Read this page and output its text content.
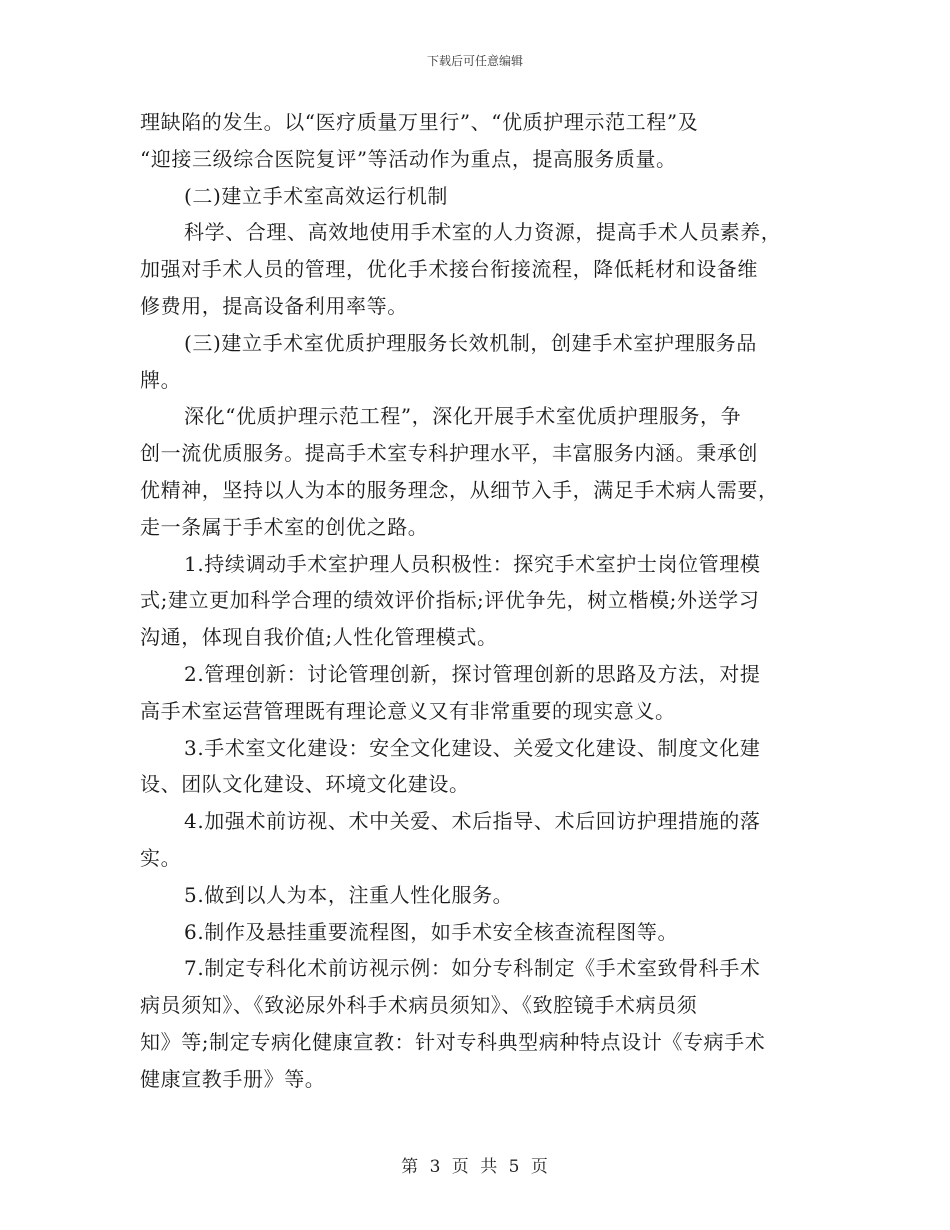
下载后可任意编辑
理缺陷的发生。以“医疗质量万里行”、“优质护理示范工程”及
“迎接三级综合医院复评”等活动作为重点，提高服务质量。
(二)建立手术室高效运行机制
科学、合理、高效地使用手术室的人力资源，提高手术人员素养，
加强对手术人员的管理，优化手术接台衔接流程，降低耗材和设备维
修费用，提高设备利用率等。
(三)建立手术室优质护理服务长效机制，创建手术室护理服务品
牌。
深化“优质护理示范工程”，深化开展手术室优质护理服务，争
创一流优质服务。提高手术室专科护理水平，丰富服务内涵。秉承创
优精神，坚持以人为本的服务理念，从细节入手，满足手术病人需要，
走一条属于手术室的创优之路。
1.持续调动手术室护理人员积极性：探究手术室护士岗位管理模
式;建立更加科学合理的绩效评价指标;评优争先，树立楷模;外送学习
沟通，体现自我价值;人性化管理模式。
2.管理创新：讨论管理创新，探讨管理创新的思路及方法，对提
高手术室运营管理既有理论意义又有非常重要的现实意义。
3.手术室文化建设：安全文化建设、关爱文化建设、制度文化建
设、团队文化建设、环境文化建设。
4.加强术前访视、术中关爱、术后指导、术后回访护理措施的落
实。
5.做到以人为本，注重人性化服务。
6.制作及悬挂重要流程图，如手术安全核查流程图等。
7.制定专科化术前访视示例：如分专科制定《手术室致骨科手术
病员须知》、《致泌尿外科手术病员须知》、《致腔镜手术病员须
知》等;制定专病化健康宣教：针对专科典型病种特点设计《专病手术
健康宣教手册》等。
第 3 页 共 5 页
